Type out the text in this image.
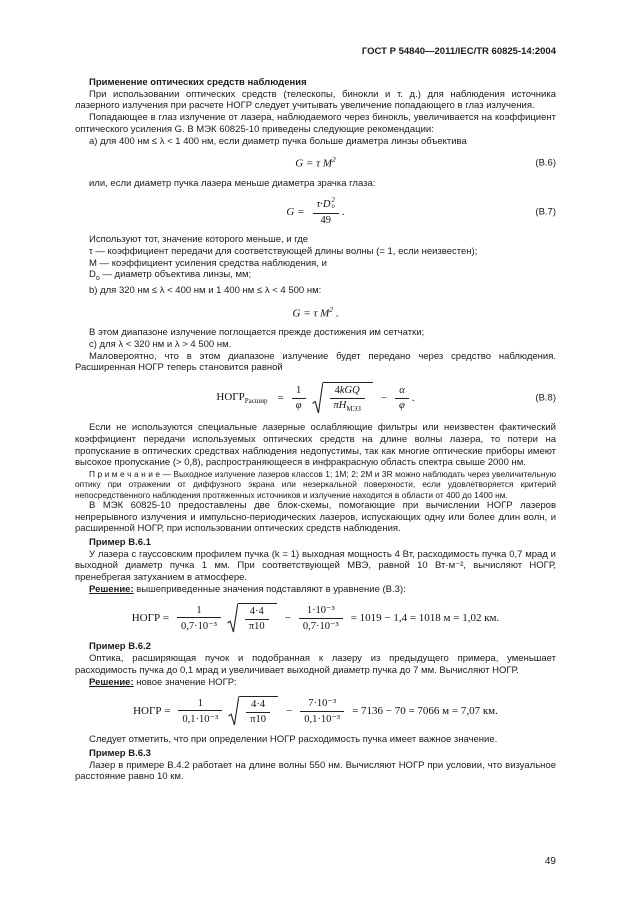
ГОСТ Р 54840—2011/IEC/TR 60825-14:2004

Применение оптических средств наблюдения

При использовании оптических средств (телескопы, бинокли и т. д.) для наблюдения источника лазерного излучения при расчете НОГР следует учитывать увеличение попадающего в глаз излучения.

Попадающее в глаз излучение от лазера, наблюдаемого через бинокль, увеличивается на коэффициент оптического усиления G. В МЭК 60825-10 приведены следующие рекомендации:

а) для 400 нм ≤ λ < 1 400 нм, если диаметр пучка больше диаметра линзы объектива

G = τ $M^2$	(В.6)

или, если диаметр пучка лазера меньше диаметра зрачка глаза:

G = τ·D 2
o
49 .	(В.7)

Используют тот, значение которого меньше, и где

τ — коэффициент передачи для соответствующей длины волны (= 1, если неизвестен);

М — коэффициент усиления средства наблюдения, и

$D_o$ — диаметр объектива линзы, мм;

b) для 320 нм ≤ λ < 400 нм и 1 400 нм ≤ λ < 4 500 нм:

G = τ $M^2$ .

В этом диапазоне излучение поглощается прежде достижения им сетчатки;

с) для λ < 320 нм и λ > 4 500 нм.

Маловероятно, что в этом диапазоне излучение будет передано через средство наблюдения. Расширенная НОГР теперь становится равной

$НОГР_{Расшир} = \frac{1}{\varphi} \frac{\text{4kGQ}}{\pi H_{МЭЗ}} - \frac{\alpha}{\varphi}$ .	(В.8)

Если не используются специальные лазерные ослабляющие фильтры или неизвестен фактический коэффициент передачи используемых оптических средств на длине волны лазера, то потери на пропускание в оптических средствах наблюдения недопустимы, так как многие оптические приборы имеют высокое пропускание (> 0,8), распространяющееся в инфракрасную область спектра свыше 2000 нм.

П р и м е ч а н и е — Выходное излучение лазеров классов 1; 1М; 2; 2М и 3R можно наблюдать через увеличительную оптику при отражении от диффузного экрана или незеркальной поверхности, если удовлетворяется критерий непосредственного наблюдения протяженных источников и излучение находится в области от 400 до 1400 нм.

В МЭК 60825-10 предоставлены две блок-схемы, помогающие при вычислении НОГР лазеров непрерывного излучения и импульсно-периодических лазеров, испускающих одну или более длин волн, и расширенной НОГР, при использовании оптических средств наблюдения.

Пример В.6.1

У лазера с гауссовским профилем пучка (k = 1) выходная мощность 4 Вт, расходимость пучка 0,7 мрад и выходной диаметр пучка 1 мм. При соответствующей МВЭ, равной 10 Вт·м⁻², вычисляют НОГР, пренебрегая затуханием в атмосфере.

Решение: вышеприведенные значения подставляют в уравнение (В.3):

НОГР = $\frac{1}{\text{0,7·10⁻³}} \frac{4\cdot 4}{\pi 10} - \frac{\text{1·10⁻³}}{\text{0,7·10⁻³}} = 1019 - 1,4 = 1018$ м = 1,02 км.

Пример В.6.2

Оптика, расширяющая пучок и подобранная к лазеру из предыдущего примера, уменьшает расходимость пучка до 0,1 мрад и увеличивает выходной диаметр пучка до 7 мм. Вычисляют НОГР.

Решение: новое значение НОГР:

НОГР = $\frac{1}{\text{0,1·10⁻³}} \frac{4\cdot 4}{\pi 10} - \frac{\text{7·10⁻³}}{\text{0,1·10⁻³}} = 7136 - 70 = 7066$ м = 7,07 км.

Следует отметить, что при определении НОГР расходимость пучка имеет важное значение.

Пример В.6.3

Лазер в примере В.4.2 работает на длине волны 550 нм. Вычисляют НОГР при условии, что визуальное расстояние равно 10 км.

49
